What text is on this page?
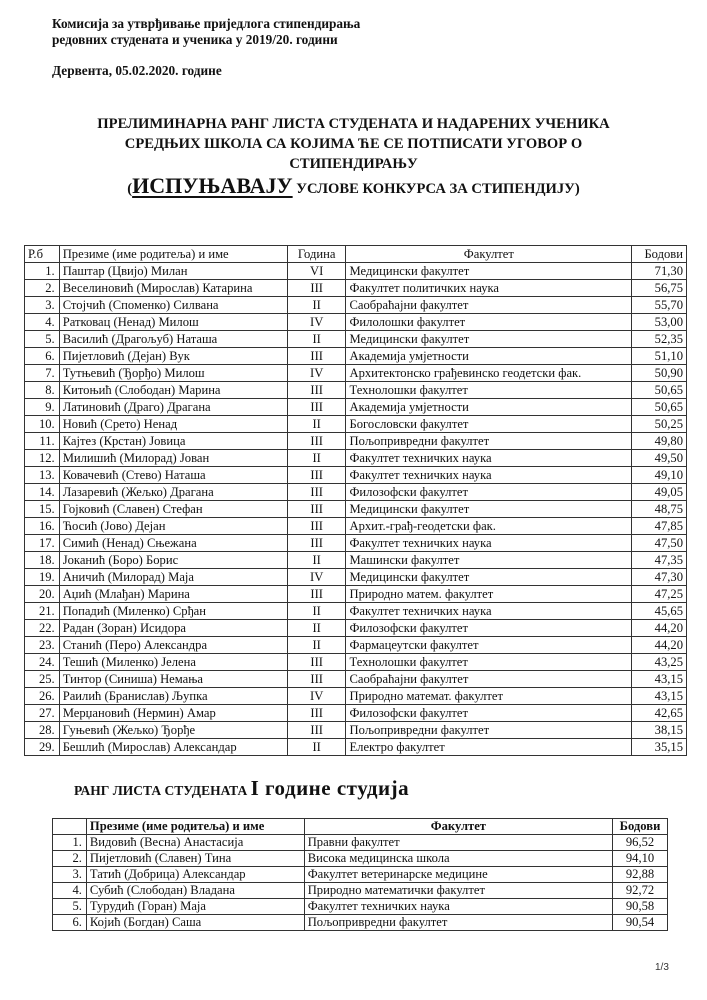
Комисија за утврђивање приједлога стипендирања
редовних студената и ученика у 2019/20. години
Дервента, 05.02.2020. године
ПРЕЛИМИНАРНА РАНГ ЛИСТА СТУДЕНАТА И НАДАРЕНИХ УЧЕНИКА
СРЕДЊИХ ШКОЛА СА КОЈИМА ЋЕ СЕ ПОТПИСАТИ УГОВОР О
СТИПЕНДИРАЊУ
(ИСПУЊАВАЈУ УСЛОВЕ КОНКУРСА ЗА СТИПЕНДИЈУ)
Р.б	Презиме (име родитеља) и име	Година	Факултет	Бодови
1.	Паштар (Цвијо) Милан	VI	Медицински факултет	71,30
2.	Веселиновић (Мирослав) Катарина	III	Факултет политичких наука	56,75
3.	Стојчић (Споменко) Силвана	II	Саобраћајни факултет	55,70
4.	Ратковац (Ненад) Милош	IV	Филолошки факултет	53,00
5.	Василић (Драгољуб) Наташа	II	Медицински факултет	52,35
6.	Пијетловић (Дејан) Вук	III	Академија умјетности	51,10
7.	Тутњевић (Ђорђо) Милош	IV	Архитектонско грађевинско геодетски фак.	50,90
8.	Китоњић (Слободан) Марина	III	Технолошки факултет	50,65
9.	Латиновић (Драго) Драгана	III	Академија умјетности	50,65
10.	Новић (Срето) Ненад	II	Богословски факултет	50,25
11.	Кајтез (Крстан) Јовица	III	Пољопривредни факултет	49,80
12.	Милишић (Милорад) Јован	II	Факултет техничких наука	49,50
13.	Ковачевић (Стево) Наташа	III	Факултет техничких наука	49,10
14.	Лазаревић (Жељко) Драгана	III	Филозофски факултет	49,05
15.	Гојковић (Славен) Стефан	III	Медицински факултет	48,75
16.	Ћосић (Јово) Дејан	III	Архит.-грађ-геодетски фак.	47,85
17.	Симић (Ненад) Сњежана	III	Факултет техничких наука	47,50
18.	Јоканић (Боро) Борис	II	Машински факултет	47,35
19.	Аничић (Милорад) Маја	IV	Медицински факултет	47,30
20.	Аџић (Млађан) Марина	III	Природно матем. факултет	47,25
21.	Попадић (Миленко) Срђан	II	Факултет техничких наука	45,65
22.	Радан (Зоран) Исидора	II	Филозофски факултет	44,20
23.	Станић (Перо) Александра	II	Фармацеутски факултет	44,20
24.	Тешић (Миленко) Јелена	III	Технолошки факултет	43,25
25.	Тинтор (Синиша) Немања	III	Саобраћајни факултет	43,15
26.	Раилић (Бранислав) Љупка	IV	Природно математ. факултет	43,15
27.	Мерџановић (Нермин) Амар	III	Филозофски факултет	42,65
28.	Гуњевић (Жељко) Ђорђе	III	Пољопривредни факултет	38,15
29.	Бешлић (Мирослав) Александар	II	Електро факултет	35,15
РАНГ ЛИСТА СТУДЕНАТА I године студија
	Презиме (име родитеља) и име	Факултет	Бодови
1.	Видовић (Весна) Анастасија	Правни факултет	96,52
2.	Пијетловић (Славен) Тина	Висока медицинска школа	94,10
3.	Татић (Добрица) Александар	Факултет ветеринарске медицине	92,88
4.	Субић (Слободан) Владана	Природно математички факултет	92,72
5.	Турудић (Горан) Маја	Факултет техничких наука	90,58
6.	Којић (Богдан) Саша	Пољопривредни факултет	90,54
1/3
